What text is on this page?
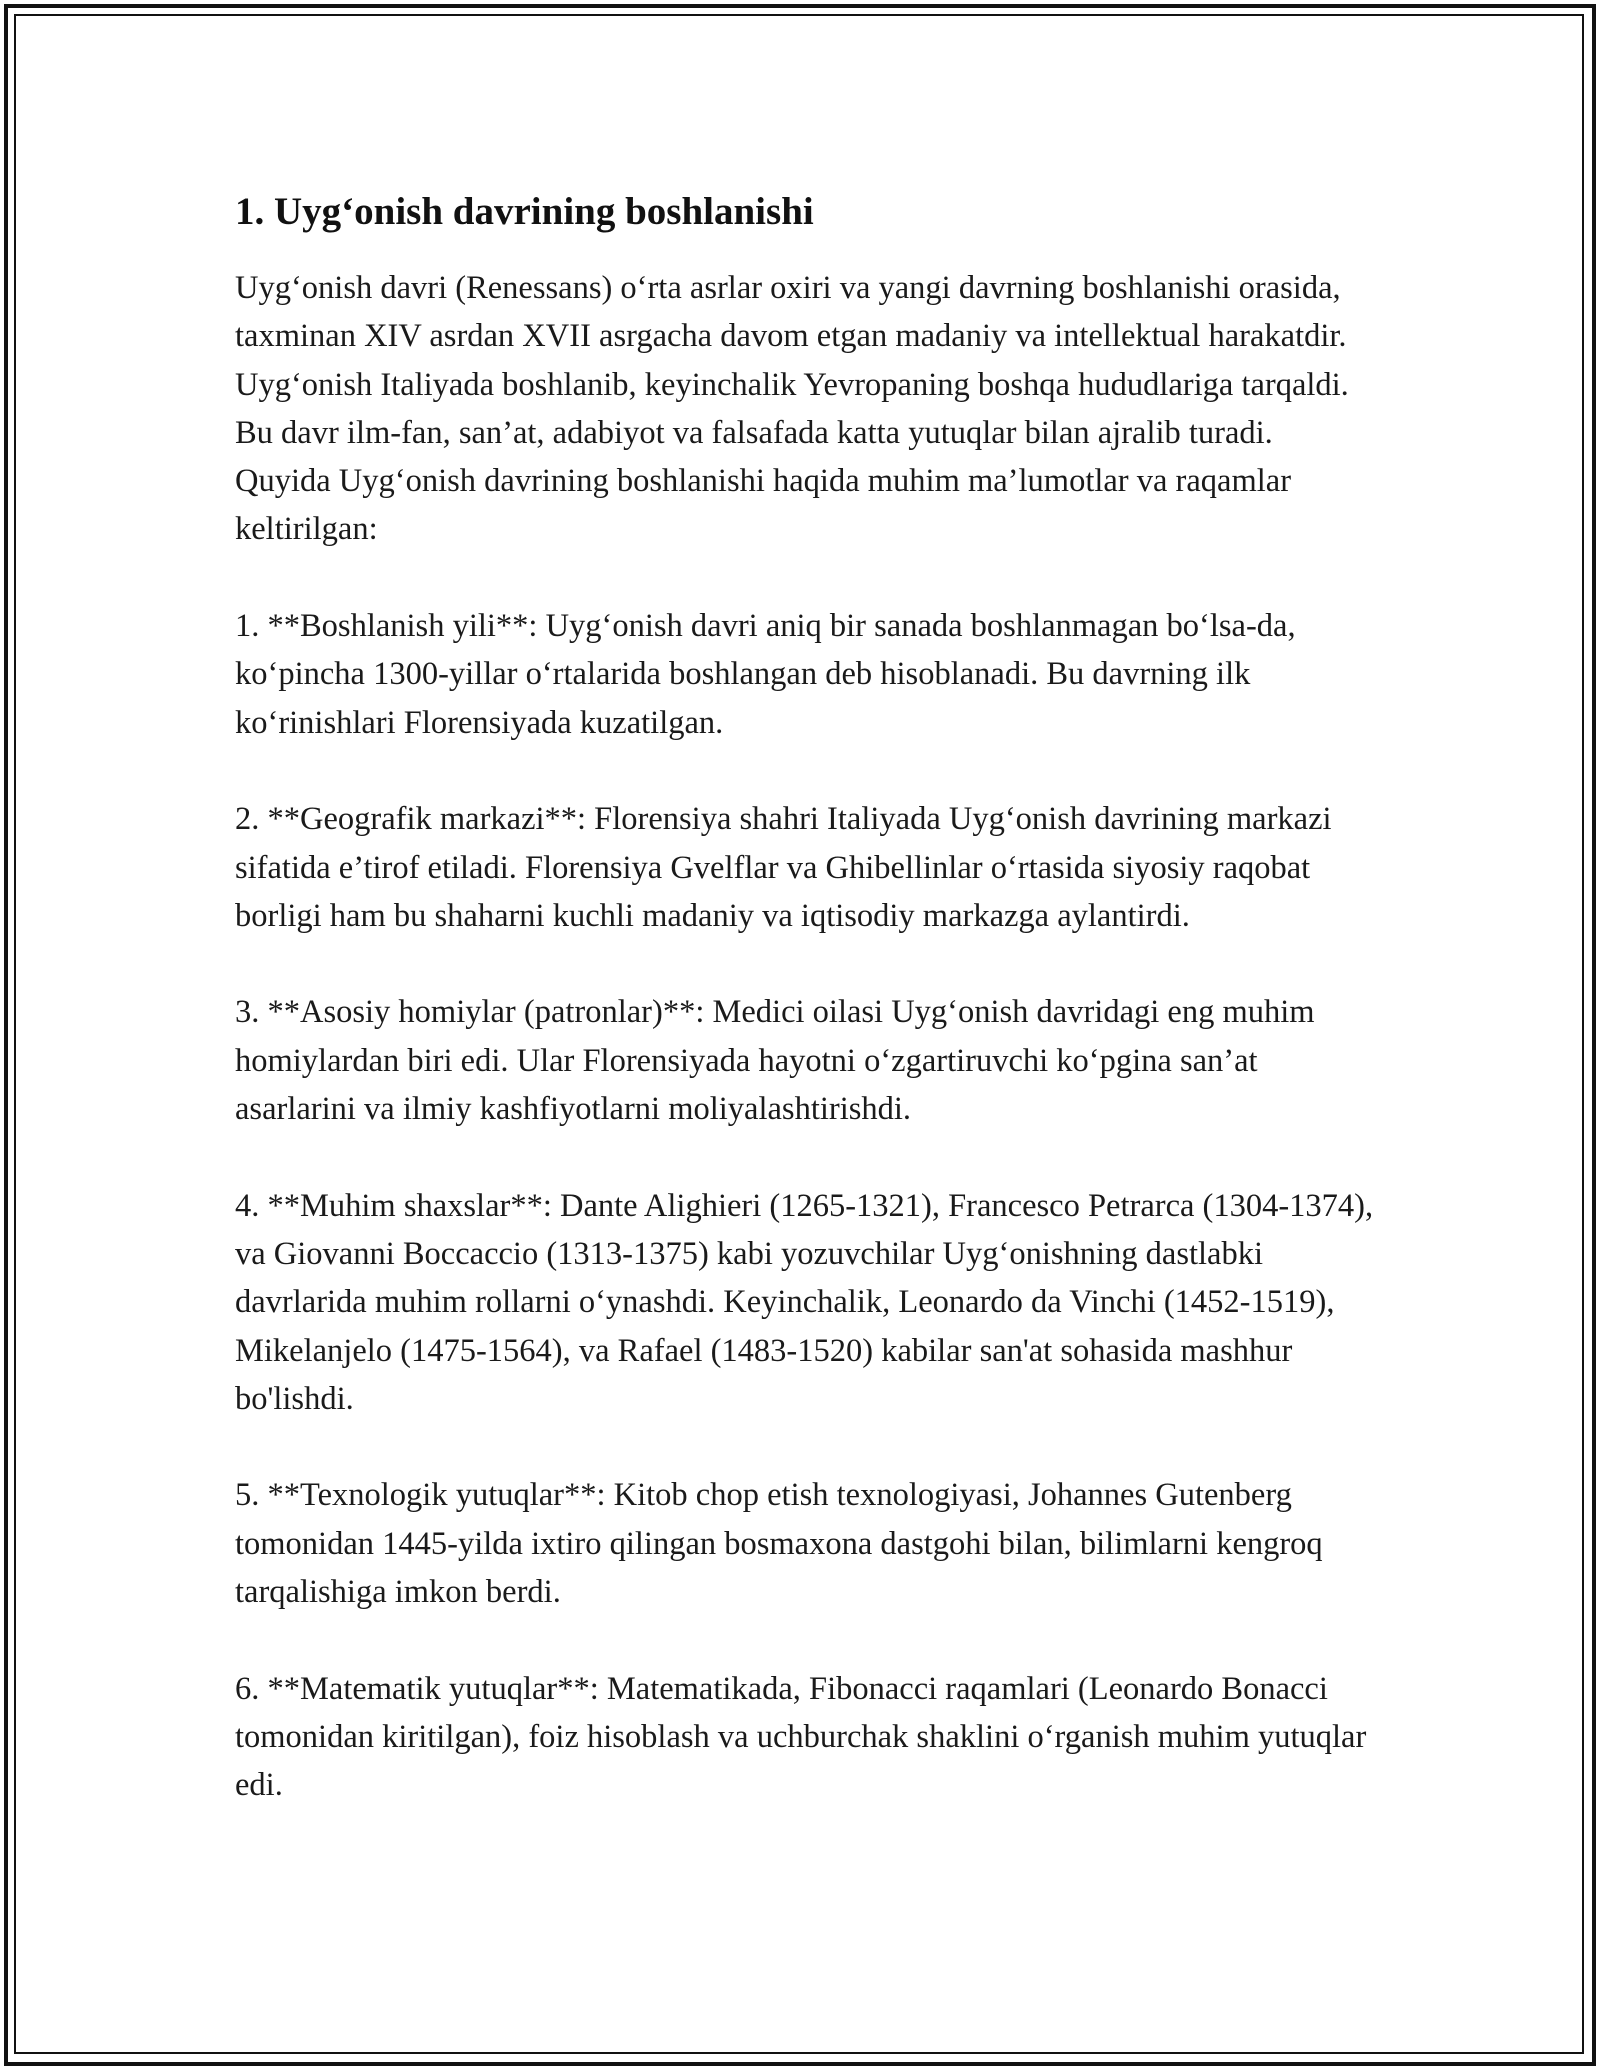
1. Uyg‘onish davrining boshlanishi

Uyg‘onish davri (Renessans) o‘rta asrlar oxiri va yangi davrning boshlanishi orasida, taxminan XIV asrdan XVII asrgacha davom etgan madaniy va intellektual harakatdir. Uyg‘onish Italiyada boshlanib, keyinchalik Yevropaning boshqa hududlariga tarqaldi. Bu davr ilm-fan, san’at, adabiyot va falsafada katta yutuqlar bilan ajralib turadi. Quyida Uyg‘onish davrining boshlanishi haqida muhim ma’lumotlar va raqamlar keltirilgan:

1. **Boshlanish yili**: Uyg‘onish davri aniq bir sanada boshlanmagan bo‘lsa-da, ko‘pincha 1300-yillar o‘rtalarida boshlangan deb hisoblanadi. Bu davrning ilk ko‘rinishlari Florensiyada kuzatilgan.

2. **Geografik markazi**: Florensiya shahri Italiyada Uyg‘onish davrining markazi sifatida e’tirof etiladi. Florensiya Gvelflar va Ghibellinlar o‘rtasida siyosiy raqobat borligi ham bu shaharni kuchli madaniy va iqtisodiy markazga aylantirdi.

3. **Asosiy homiylar (patronlar)**: Medici oilasi Uyg‘onish davridagi eng muhim homiylardan biri edi. Ular Florensiyada hayotni o‘zgartiruvchi ko‘pgina san’at asarlarini va ilmiy kashfiyotlarni moliyalashtirishdi.

4. **Muhim shaxslar**: Dante Alighieri (1265-1321), Francesco Petrarca (1304-1374), va Giovanni Boccaccio (1313-1375) kabi yozuvchilar Uyg‘onishning dastlabki davrlarida muhim rollarni o‘ynashdi. Keyinchalik, Leonardo da Vinchi (1452-1519), Mikelanjelo (1475-1564), va Rafael (1483-1520) kabilar san'at sohasida mashhur bo'lishdi.

5. **Texnologik yutuqlar**: Kitob chop etish texnologiyasi, Johannes Gutenberg tomonidan 1445-yilda ixtiro qilingan bosmaxona dastgohi bilan, bilimlarni kengroq tarqalishiga imkon berdi.

6. **Matematik yutuqlar**: Matematikada, Fibonacci raqamlari (Leonardo Bonacci tomonidan kiritilgan), foiz hisoblash va uchburchak shaklini o‘rganish muhim yutuqlar edi.
